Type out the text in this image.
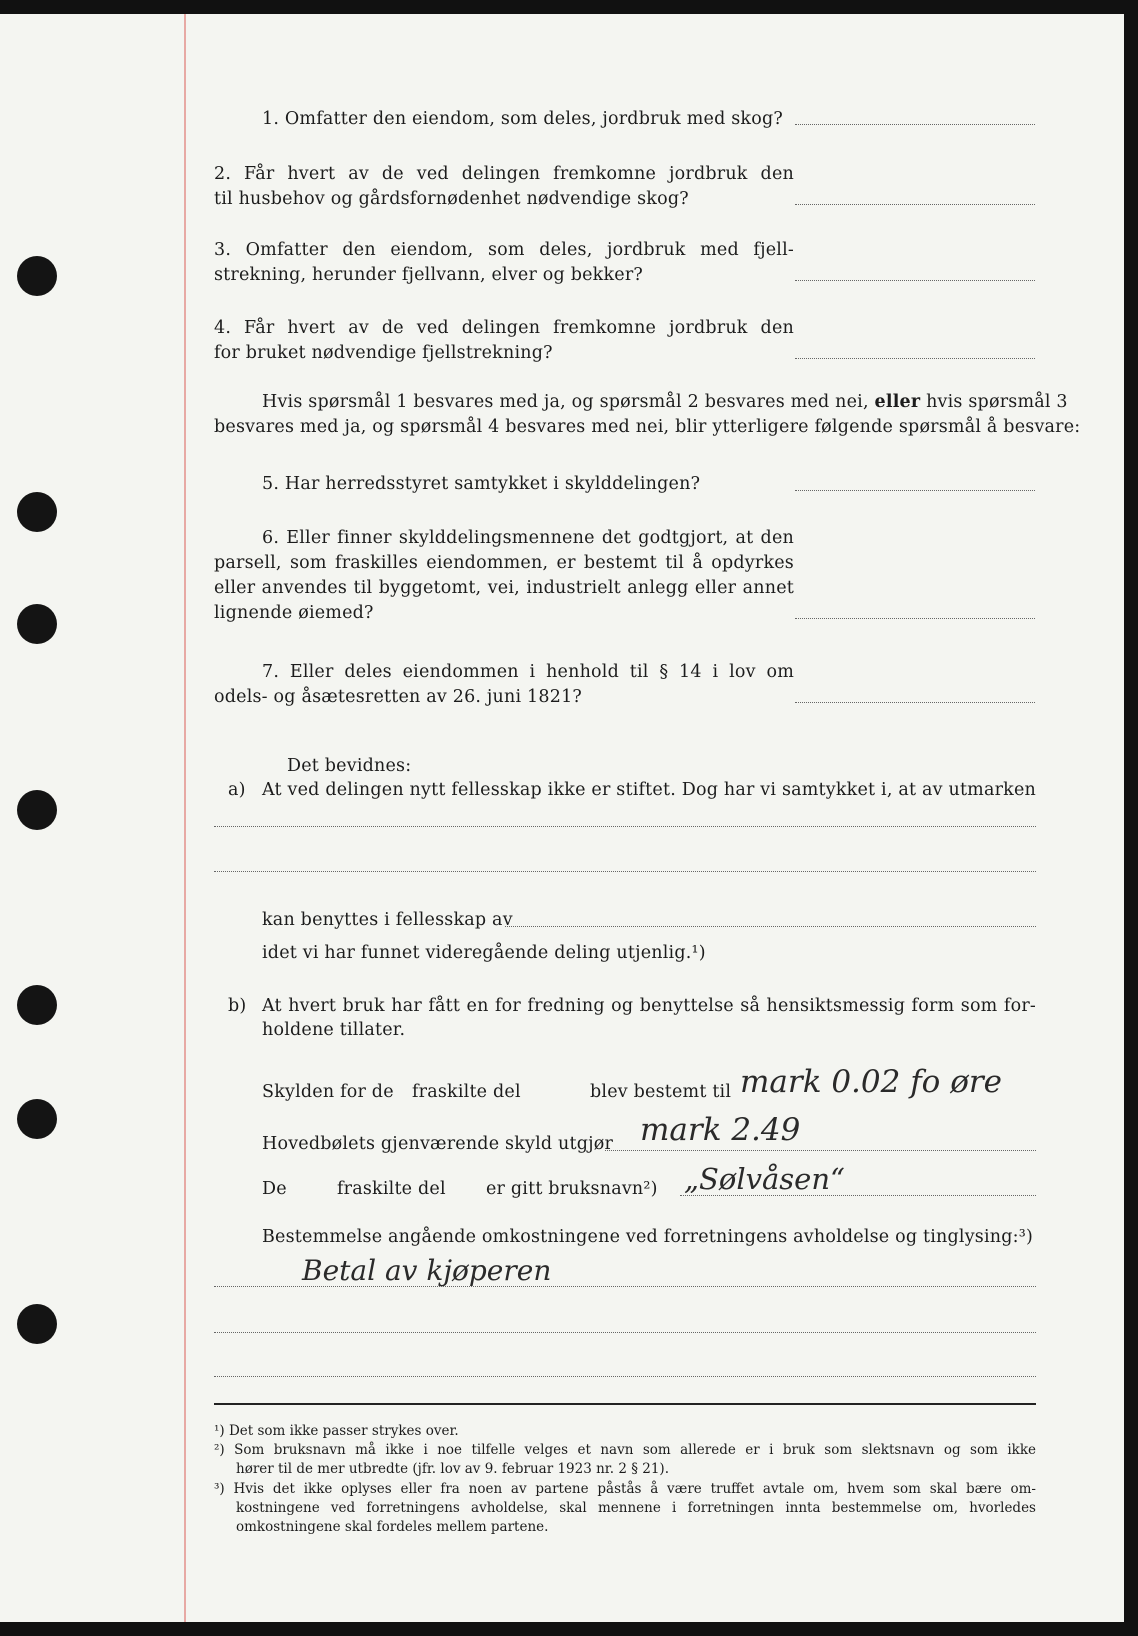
1. Omfatter den eiendom, som deles, jordbruk med skog?
2. Får hvert av de ved delingen fremkomne jordbruk den
til husbehov og gårdsfornødenhet nødvendige skog?
3. Omfatter den eiendom, som deles, jordbruk med fjell-
strekning, herunder fjellvann, elver og bekker?
4. Får hvert av de ved delingen fremkomne jordbruk den
for bruket nødvendige fjellstrekning?
Hvis spørsmål 1 besvares med ja, og spørsmål 2 besvares med nei, eller hvis spørsmål 3
besvares med ja, og spørsmål 4 besvares med nei, blir ytterligere følgende spørsmål å besvare:
5. Har herredsstyret samtykket i skylddelingen?
6. Eller finner skylddelingsmennene det godtgjort, at den
parsell, som fraskilles eiendommen, er bestemt til å opdyrkes
eller anvendes til byggetomt, vei, industrielt anlegg eller annet
lignende øiemed?
7. Eller deles eiendommen i henhold til § 14 i lov om
odels- og åsætesretten av 26. juni 1821?
Det bevidnes:
a) At ved delingen nytt fellesskap ikke er stiftet. Dog har vi samtykket i, at av utmarken
kan benyttes i fellesskap av
idet vi har funnet videregående deling utjenlig.¹)
b) At hvert bruk har fått en for fredning og benyttelse så hensiktsmessig form som for-
holdene tillater.
Skylden for de fraskilte del	blev bestemt til mark 0.02 fo øre
Hovedbølets gjenværende skyld utgjør mark 2.49
De	fraskilte del er gitt bruksnavn²) „Sølvåsen“
Bestemmelse angående omkostningene ved forretningens avholdelse og tinglysing:³)
Betal av kjøperen
¹) Det som ikke passer strykes over.
²) Som bruksnavn må ikke i noe tilfelle velges et navn som allerede er i bruk som slektsnavn og som ikke
hører til de mer utbredte (jfr. lov av 9. februar 1923 nr. 2 § 21).
³) Hvis det ikke oplyses eller fra noen av partene påstås å være truffet avtale om, hvem som skal bære om-
kostningene ved forretningens avholdelse, skal mennene i forretningen innta bestemmelse om, hvorledes
omkostningene skal fordeles mellem partene.
